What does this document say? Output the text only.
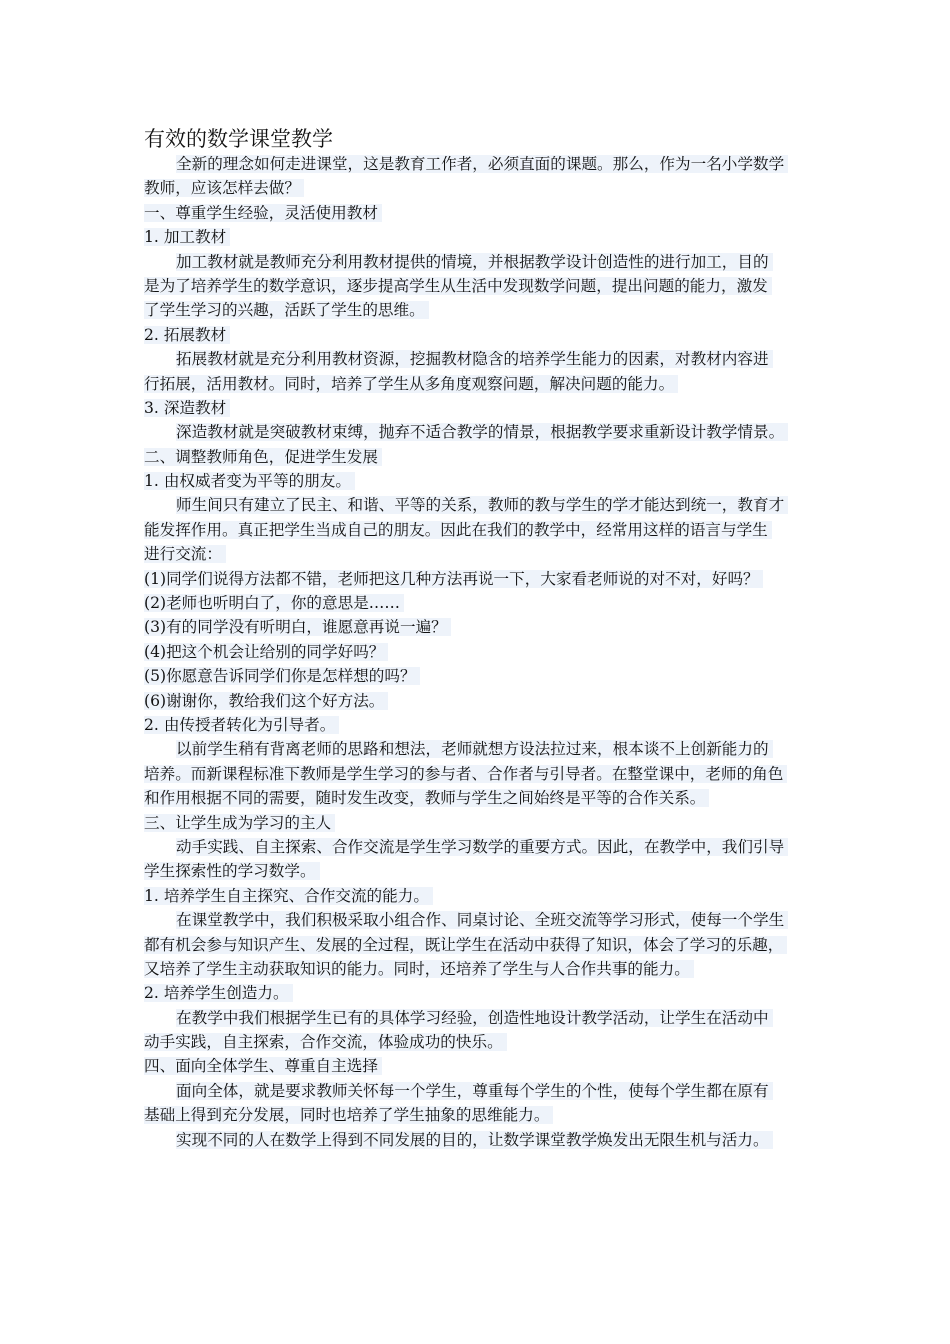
有效的数学课堂教学
全新的理念如何走进课堂，这是教育工作者，必须直面的课题。那么，作为一名小学数学
教师，应该怎样去做？
一、尊重学生经验，灵活使用教材
1. 加工教材
加工教材就是教师充分利用教材提供的情境，并根据教学设计创造性的进行加工，目的
是为了培养学生的数学意识，逐步提高学生从生活中发现数学问题，提出问题的能力，激发
了学生学习的兴趣，活跃了学生的思维。
2. 拓展教材
拓展教材就是充分利用教材资源，挖掘教材隐含的培养学生能力的因素，对教材内容进
行拓展，活用教材。同时，培养了学生从多角度观察问题，解决问题的能力。
3. 深造教材
深造教材就是突破教材束缚，抛弃不适合教学的情景，根据教学要求重新设计教学情景。
二、调整教师角色，促进学生发展
1. 由权威者变为平等的朋友。
师生间只有建立了民主、和谐、平等的关系，教师的教与学生的学才能达到统一，教育才
能发挥作用。真正把学生当成自己的朋友。因此在我们的教学中，经常用这样的语言与学生
进行交流：
(1)同学们说得方法都不错，老师把这几种方法再说一下，大家看老师说的对不对，好吗？
(2)老师也听明白了，你的意思是……
(3)有的同学没有听明白，谁愿意再说一遍？
(4)把这个机会让给别的同学好吗？
(5)你愿意告诉同学们你是怎样想的吗？
(6)谢谢你，教给我们这个好方法。
2. 由传授者转化为引导者。
以前学生稍有背离老师的思路和想法，老师就想方设法拉过来，根本谈不上创新能力的
培养。而新课程标准下教师是学生学习的参与者、合作者与引导者。在整堂课中，老师的角色
和作用根据不同的需要，随时发生改变，教师与学生之间始终是平等的合作关系。
三、让学生成为学习的主人
动手实践、自主探索、合作交流是学生学习数学的重要方式。因此，在教学中，我们引导
学生探索性的学习数学。
1. 培养学生自主探究、合作交流的能力。
在课堂教学中，我们积极采取小组合作、同桌讨论、全班交流等学习形式，使每一个学生
都有机会参与知识产生、发展的全过程，既让学生在活动中获得了知识，体会了学习的乐趣，
又培养了学生主动获取知识的能力。同时，还培养了学生与人合作共事的能力。
2. 培养学生创造力。
在教学中我们根据学生已有的具体学习经验，创造性地设计教学活动，让学生在活动中
动手实践，自主探索，合作交流，体验成功的快乐。
四、面向全体学生、尊重自主选择
面向全体，就是要求教师关怀每一个学生，尊重每个学生的个性，使每个学生都在原有
基础上得到充分发展，同时也培养了学生抽象的思维能力。
实现不同的人在数学上得到不同发展的目的，让数学课堂教学焕发出无限生机与活力。
